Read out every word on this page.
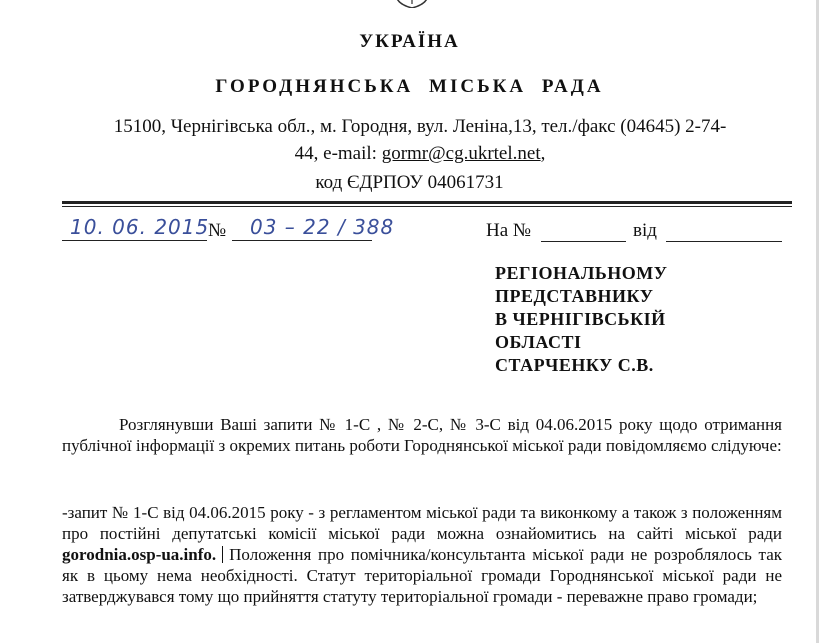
УКРАЇНА
ГОРОДНЯНСЬКА МІСЬКА РАДА
15100, Чернігівська обл., м. Городня, вул. Леніна,13, тел./факс (04645) 2-74-
44, e-mail: gormr@cg.ukrtel.net,
код ЄДРПОУ 04061731
10. 06. 2015
№ 03 – 22 / 388	На №	від
РЕГІОНАЛЬНОМУ
ПРЕДСТАВНИКУ
В ЧЕРНІГІВСЬКІЙ
ОБЛАСТІ
СТАРЧЕНКУ С.В.
Розглянувши Ваші запити № 1-С , № 2-С, № 3-С від 04.06.2015 року щодо отримання публічної інформації з окремих питань роботи Городнянської міської ради повідомляємо слідуюче:
-запит № 1-С від 04.06.2015 року - з регламентом міської ради та виконкому а також з положенням про постійні депутатські комісії міської ради можна ознайомитись на сайті міської ради gorodnia.osp-ua.info. Положення про помічника/консультанта міської ради не розроблялось так як в цьому нема необхідності. Статут територіальної громади Городнянської міської ради не затверджувався тому що прийняття статуту територіальної громади - переважне право громади;
